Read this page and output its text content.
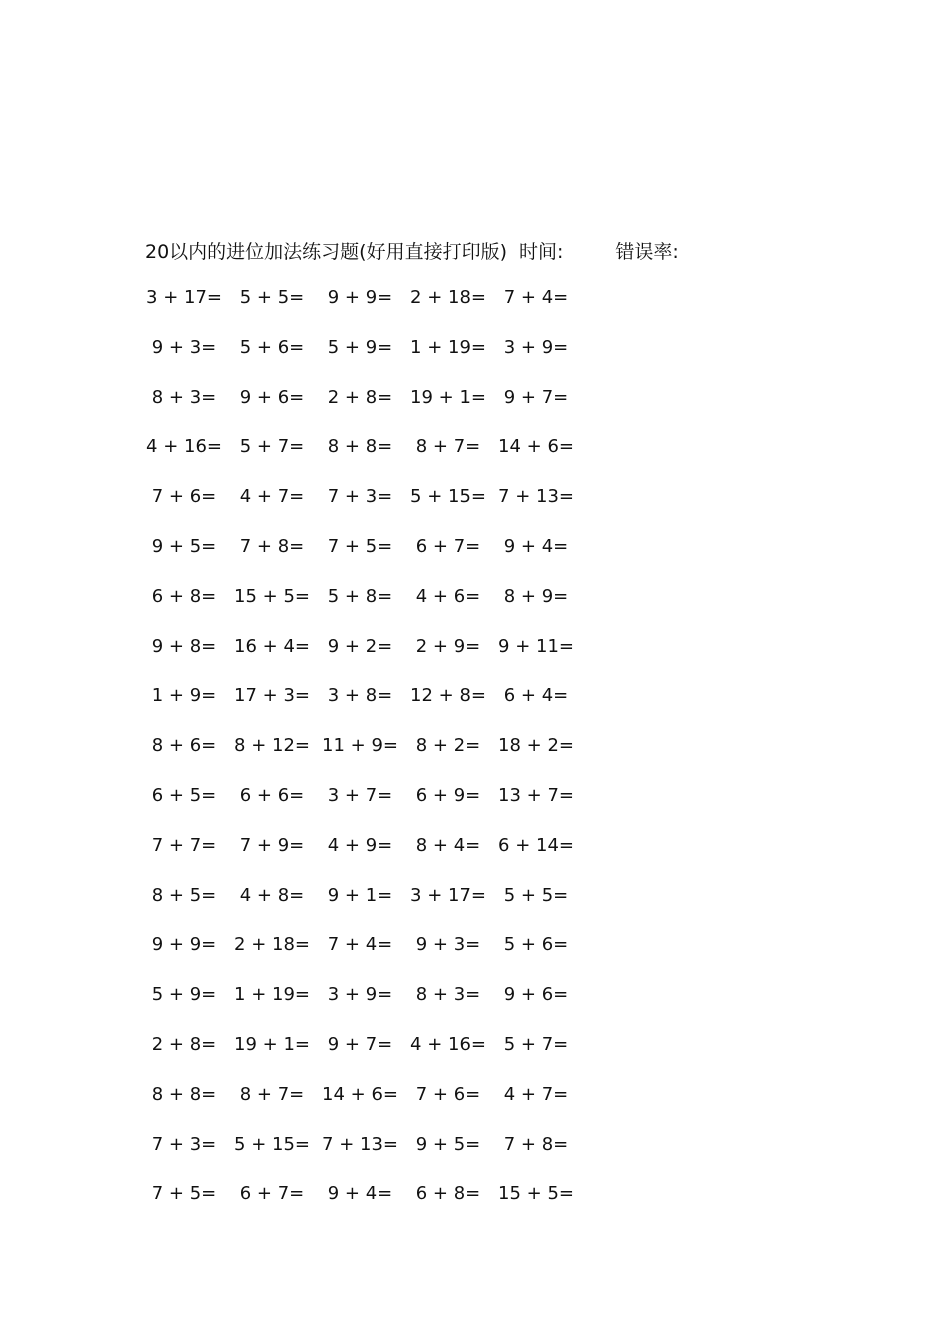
20以内的进位加法练习题(好用直接打印版) 时间:	错误率:
3 + 17= 5 + 5=	9 + 9= 2 + 18= 7 + 4=
9 + 3=	5 + 6=	5 + 9= 1 + 19= 3 + 9=
8 + 3=	9 + 6=	2 + 8= 19 + 1= 9 + 7=
4 + 16= 5 + 7=	8 + 8=	8 + 7= 14 + 6=
7 + 6=	4 + 7=	7 + 3= 5 + 15= 7 + 13=
9 + 5=	7 + 8=	7 + 5=	6 + 7=	9 + 4=
6 + 8= 15 + 5= 5 + 8=	4 + 6=	8 + 9=
9 + 8= 16 + 4= 9 + 2=	2 + 9= 9 + 11=
1 + 9= 17 + 3= 3 + 8= 12 + 8= 6 + 4=
8 + 6= 8 + 12= 11 + 9= 8 + 2= 18 + 2=
6 + 5=	6 + 6=	3 + 7=	6 + 9= 13 + 7=
7 + 7=	7 + 9=	4 + 9=	8 + 4= 6 + 14=
8 + 5=	4 + 8=	9 + 1= 3 + 17= 5 + 5=
9 + 9= 2 + 18= 7 + 4=	9 + 3=	5 + 6=
5 + 9= 1 + 19= 3 + 9=	8 + 3=	9 + 6=
2 + 8= 19 + 1= 9 + 7= 4 + 16= 5 + 7=
8 + 8=	8 + 7= 14 + 6= 7 + 6=	4 + 7=
7 + 3= 5 + 15= 7 + 13= 9 + 5=	7 + 8=
7 + 5=	6 + 7=	9 + 4=	6 + 8= 15 + 5=
